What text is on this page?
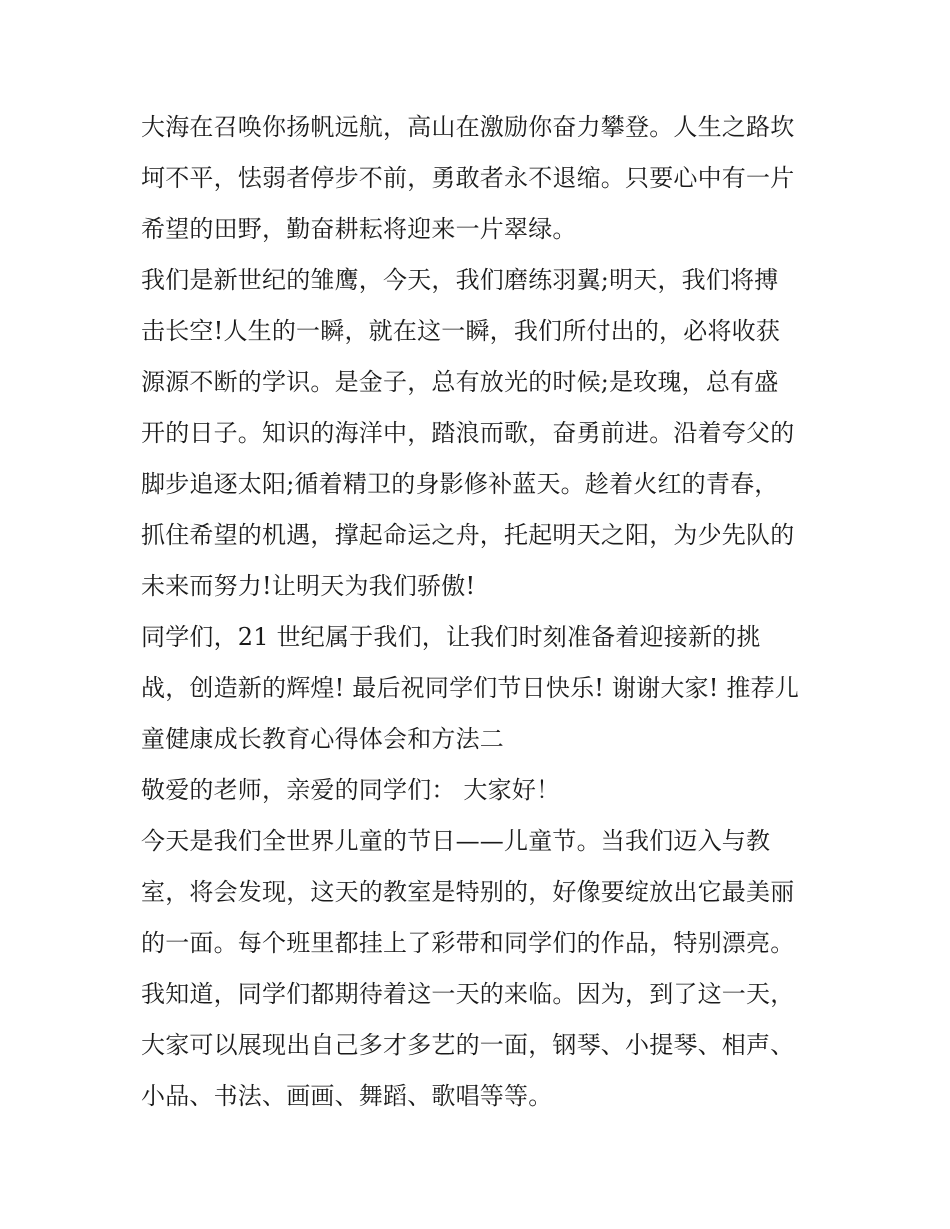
大海在召唤你扬帆远航，高山在激励你奋力攀登。人生之路坎
坷不平，怯弱者停步不前，勇敢者永不退缩。只要心中有一片
希望的田野，勤奋耕耘将迎来一片翠绿。
我们是新世纪的雏鹰，今天，我们磨练羽翼;明天，我们将搏
击长空!人生的一瞬，就在这一瞬，我们所付出的，必将收获
源源不断的学识。是金子，总有放光的时候;是玫瑰，总有盛
开的日子。知识的海洋中，踏浪而歌，奋勇前进。沿着夸父的
脚步追逐太阳;循着精卫的身影修补蓝天。趁着火红的青春，
抓住希望的机遇，撑起命运之舟，托起明天之阳，为少先队的
未来而努力!让明天为我们骄傲!
同学们，21 世纪属于我们，让我们时刻准备着迎接新的挑
战，创造新的辉煌! 最后祝同学们节日快乐! 谢谢大家! 推荐儿
童健康成长教育心得体会和方法二
敬爱的老师，亲爱的同学们： 大家好！
今天是我们全世界儿童的节日——儿童节。当我们迈入与教
室，将会发现，这天的教室是特别的，好像要绽放出它最美丽
的一面。每个班里都挂上了彩带和同学们的作品，特别漂亮。
我知道，同学们都期待着这一天的来临。因为，到了这一天，
大家可以展现出自己多才多艺的一面，钢琴、小提琴、相声、
小品、书法、画画、舞蹈、歌唱等等。
